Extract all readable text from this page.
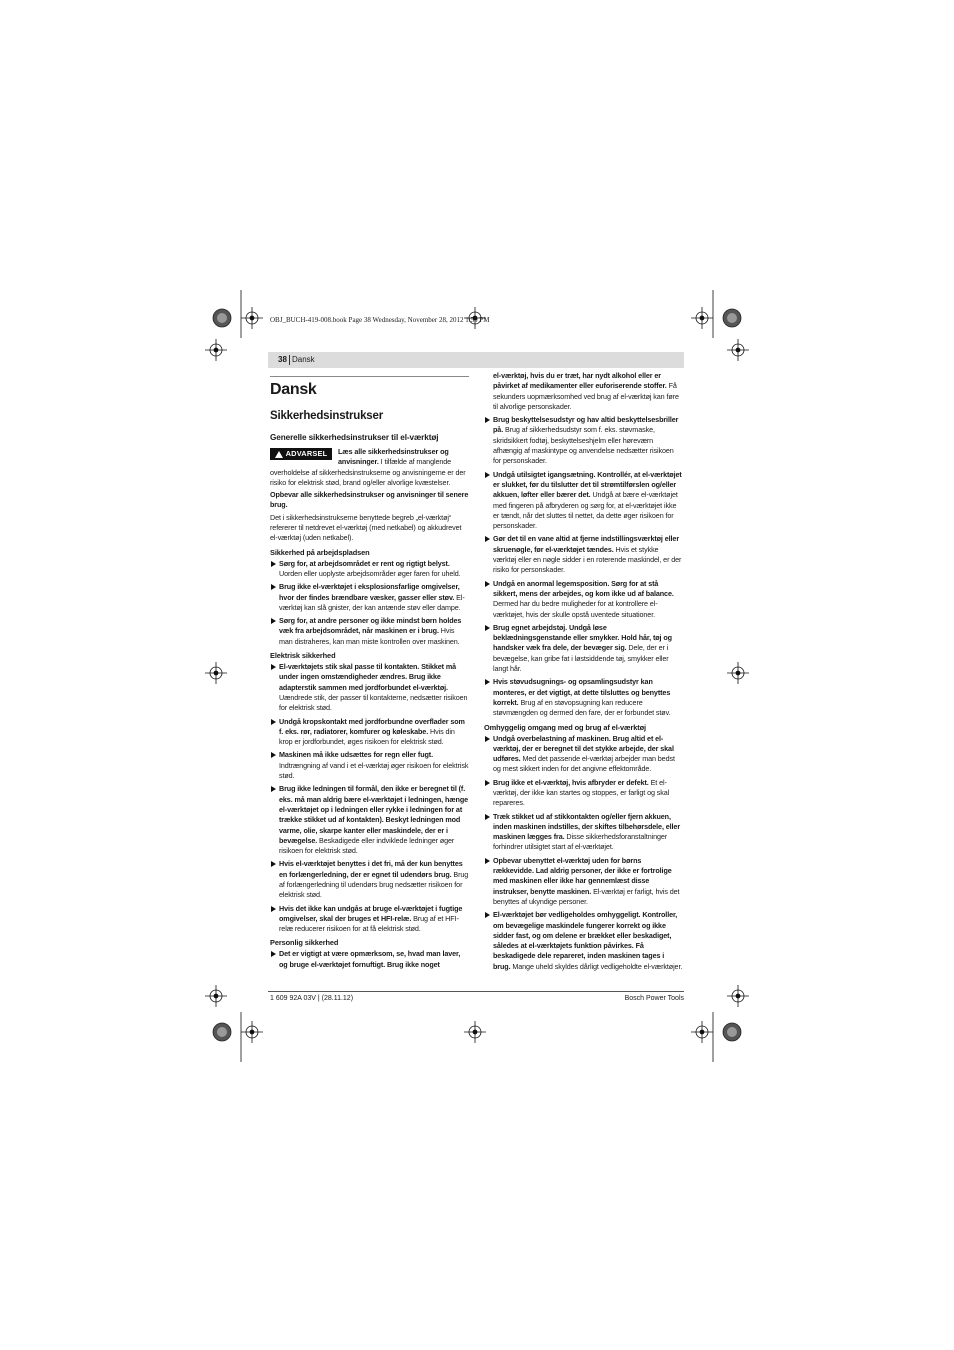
OBJ_BUCH-419-008.book Page 38 Wednesday, November 28, 2012 1:59 PM
38 Dansk
Dansk
Sikkerhedsinstrukser
Generelle sikkerhedsinstrukser til el-værktøj
ADVARSEL	Læs alle sikkerhedsinstrukser og anvisninger. I tilfælde af manglende overholdelse af sikkerhedsinstrukserne og anvisningerne er der risiko for elektrisk stød, brand og/eller alvorlige kvæstelser.

Opbevar alle sikkerhedsinstrukser og anvisninger til senere brug.

Det i sikkerhedsinstrukserne benyttede begreb „el-værktøj“ refererer til netdrevet el-værktøj (med netkabel) og akkudrevet el-værktøj (uden netkabel).

Sikkerhed på arbejdspladsen
Sørg for, at arbejdsområdet er rent og rigtigt belyst. Uorden eller uoplyste arbejdsområder øger faren for uheld.
Brug ikke el-værktøjet i eksplosionsfarlige omgivelser, hvor der findes brændbare væsker, gasser eller støv. El-værktøj kan slå gnister, der kan antænde støv eller dampe.
Sørg for, at andre personer og ikke mindst børn holdes væk fra arbejdsområdet, når maskinen er i brug. Hvis man distraheres, kan man miste kontrollen over maskinen.
Elektrisk sikkerhed
El-værktøjets stik skal passe til kontakten. Stikket må under ingen omstændigheder ændres. Brug ikke adapterstik sammen med jordforbundet el-værktøj. Uændrede stik, der passer til kontakterne, nedsætter risikoen for elektrisk stød.
Undgå kropskontakt med jordforbundne overflader som f. eks. rør, radiatorer, komfurer og køleskabe. Hvis din krop er jordforbundet, øges risikoen for elektrisk stød.
Maskinen må ikke udsættes for regn eller fugt. Indtrængning af vand i et el-værktøj øger risikoen for elektrisk stød.
Brug ikke ledningen til formål, den ikke er beregnet til (f. eks. må man aldrig bære el-værktøjet i ledningen, hænge el-værktøjet op i ledningen eller rykke i ledningen for at trække stikket ud af kontakten). Beskyt ledningen mod varme, olie, skarpe kanter eller maskindele, der er i bevægelse. Beskadigede eller indviklede ledninger øger risikoen for elektrisk stød.
Hvis el-værktøjet benyttes i det fri, må der kun benyttes en forlængerledning, der er egnet til udendørs brug. Brug af forlængerledning til udendørs brug nedsætter risikoen for elektrisk stød.
Hvis det ikke kan undgås at bruge el-værktøjet i fugtige omgivelser, skal der bruges et HFI-relæ. Brug af et HFI-relæ reducerer risikoen for at få elektrisk stød.
Personlig sikkerhed
Det er vigtigt at være opmærksom, se, hvad man laver, og bruge el-værktøjet fornuftigt. Brug ikke noget
el-værktøj, hvis du er træt, har nydt alkohol eller er påvirket af medikamenter eller euforiserende stoffer. Få sekunders uopmærksomhed ved brug af el-værktøj kan føre til alvorlige personskader.
Brug beskyttelsesudstyr og hav altid beskyttelsesbriller på. Brug af sikkerhedsudstyr som f. eks. støvmaske, skridsikkert fodtøj, beskyttelseshjelm eller høreværn afhængig af maskintype og anvendelse nedsætter risikoen for personskader.
Undgå utilsigtet igangsætning. Kontrollér, at el-værktøjet er slukket, før du tilslutter det til strømtilførslen og/eller akkuen, løfter eller bærer det. Undgå at bære el-værktøjet med fingeren på afbryderen og sørg for, at el-værktøjet ikke er tændt, når det sluttes til nettet, da dette øger risikoen for personskader.
Gør det til en vane altid at fjerne indstillingsværktøj eller skruenøgle, før el-værktøjet tændes. Hvis et stykke værktøj eller en nøgle sidder i en roterende maskindel, er der risiko for personskader.
Undgå en anormal legemsposition. Sørg for at stå sikkert, mens der arbejdes, og kom ikke ud af balance. Dermed har du bedre muligheder for at kontrollere el-værktøjet, hvis der skulle opstå uventede situationer.
Brug egnet arbejdstøj. Undgå løse beklædningsgenstande eller smykker. Hold hår, tøj og handsker væk fra dele, der bevæger sig. Dele, der er i bevægelse, kan gribe fat i løstsiddende tøj, smykker eller langt hår.
Hvis støvudsugnings- og opsamlingsudstyr kan monteres, er det vigtigt, at dette tilsluttes og benyttes korrekt. Brug af en støvopsugning kan reducere støvmængden og dermed den fare, der er forbundet støv.
Omhyggelig omgang med og brug af el-værktøj
Undgå overbelastning af maskinen. Brug altid et el-værktøj, der er beregnet til det stykke arbejde, der skal udføres. Med det passende el-værktøj arbejder man bedst og mest sikkert inden for det angivne effektområde.
Brug ikke et el-værktøj, hvis afbryder er defekt. Et el-værktøj, der ikke kan startes og stoppes, er farligt og skal repareres.
Træk stikket ud af stikkontakten og/eller fjern akkuen, inden maskinen indstilles, der skiftes tilbehørsdele, eller maskinen lægges fra. Disse sikkerhedsforanstaltninger forhindrer utilsigtet start af el-værktøjet.
Opbevar ubenyttet el-værktøj uden for børns rækkevidde. Lad aldrig personer, der ikke er fortrolige med maskinen eller ikke har gennemlæst disse instrukser, benytte maskinen. El-værktøj er farligt, hvis det benyttes af ukyndige personer.
El-værktøjet bør vedligeholdes omhyggeligt. Kontroller, om bevægelige maskindele fungerer korrekt og ikke sidder fast, og om delene er brækket eller beskadiget, således at el-værktøjets funktion påvirkes. Få beskadigede dele repareret, inden maskinen tages i brug. Mange uheld skyldes dårligt vedligeholdte el-værktøjer.
1 609 92A 03V | (28.11.12)	Bosch Power Tools
